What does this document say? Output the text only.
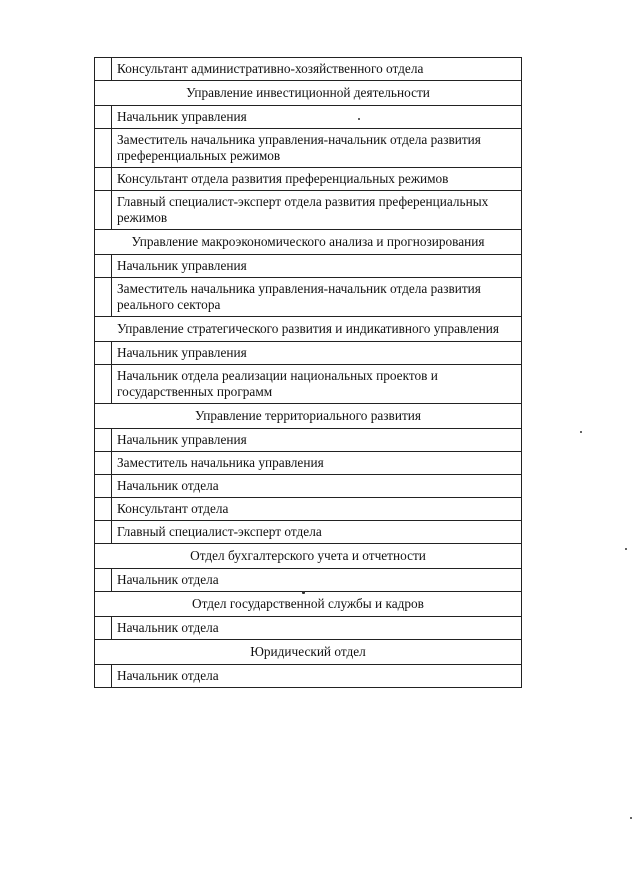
	Консультант административно-хозяйственного отдела
Управление инвестиционной деятельности	
	Начальник управления
	Заместитель начальника управления-начальник отдела развития преференциальных режимов
	Консультант отдела развития преференциальных режимов
	Главный специалист-эксперт отдела развития преференциальных режимов
Управление макроэкономического анализа и прогнозирования	
	Начальник управления
	Заместитель начальника управления-начальник отдела развития реального сектора
Управление стратегического развития и индикативного управления	
	Начальник управления
	Начальник отдела реализации национальных проектов и государственных программ
Управление территориального развития	
	Начальник управления
	Заместитель начальника управления
	Начальник отдела
	Консультант отдела
	Главный специалист-эксперт отдела
Отдел бухгалтерского учета и отчетности	
	Начальник отдела
Отдел государственной службы и кадров	
	Начальник отдела
Юридический отдел	
	Начальник отдела
